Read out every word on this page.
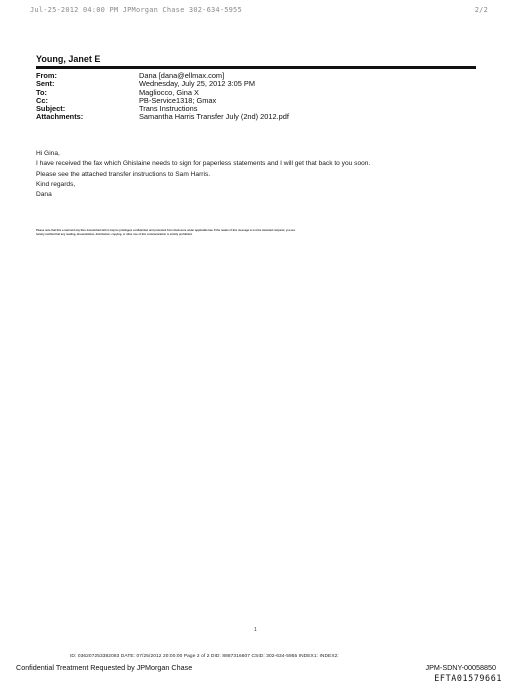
Jul-25-2012 04:00 PM JPMorgan Chase 302-634-5955	2/2
Young, Janet E
From:	Dana [dana@ellmax.com]
Sent:	Wednesday, July 25, 2012 3:05 PM
To:	Magliocco, Gina X
Cc:	PB-Service1318; Gmax
Subject:	Trans Instructions
Attachments:	Samantha Harris Transfer July (2nd) 2012.pdf
Hi Gina,
I have received the fax which Ghislaine needs to sign for paperless statements and I will get that back to you soon.
Please see the attached transfer instructions to Sam Harris.
Kind regards,
Dana
Please note that this e-mail and any files transmitted with it may be privileged, confidential, and protected from disclosure under applicable law. If the reader of this message is not the intended recipient, you are
hereby notified that any reading, dissemination, distribution, copying, or other use of this communication is strictly prohibited.
1
ID: 036207253382083 DATE: 07/25/2012 20:00:00 Page 2 of 2 DID: 8887316607 CSID: 302-634-5955 INDEX1: INDEX2:
Confidential Treatment Requested by JPMorgan Chase	JPM-SDNY-00058850
EFTA01579661
